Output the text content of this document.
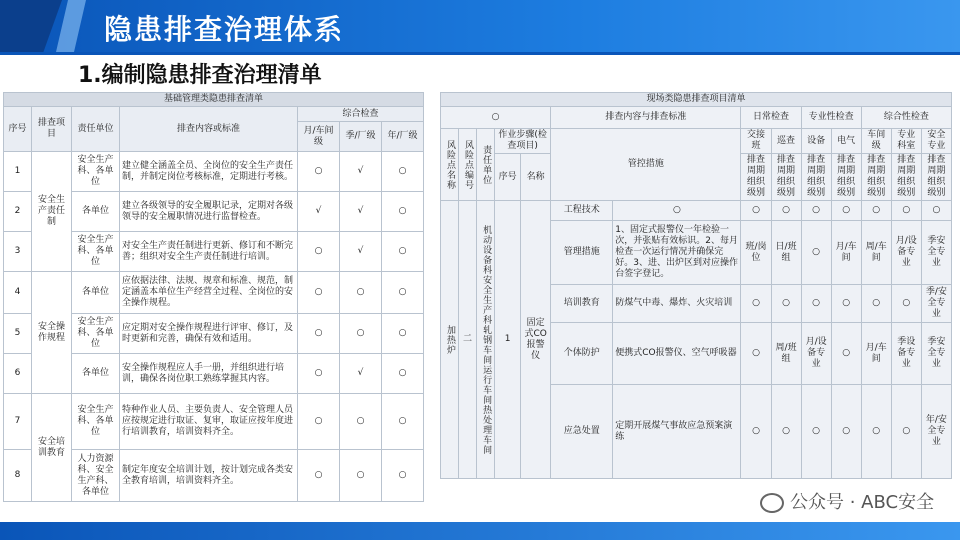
隐患排查治理体系
1.编制隐患排查治理清单
基础管理类隐患排查清单						
序号	排查项目	责任单位	排查内容或标准	综合检查		
				月/车间级	季/厂级	年/厂级
1	安全生产责任制	安全生产科、各单位	建立健全涵盖全员、全岗位的安全生产责任制，并制定岗位考核标准，定期进行考核。	○	√	○
2		各单位	建立各级领导的安全履职记录，定期对各级领导的安全履职情况进行监督检查。	√	√	○
3		安全生产科、各单位	对安全生产责任制进行更新、修订和不断完善；组织对安全生产责任制进行培训。	○	√	○
4	安全操作规程	各单位	应依据法律、法规、规章和标准、规范，制定涵盖本单位生产经营全过程、全岗位的安全操作规程。	○	○	○
5		安全生产科、各单位	应定期对安全操作规程进行评审、修订，及时更新和完善，确保有效和适用。	○	○	○
6		各单位	安全操作规程应人手一册，并组织进行培训，确保各岗位职工熟练掌握其内容。	○	√	○
7	安全培训教育	安全生产科、各单位	特种作业人员、主要负责人、安全管理人员应按规定进行取证、复审，取证应按年度进行培训教育，培训资料齐全。	○	○	○
8		人力资源科、安全生产科、各单位	制定年度安全培训计划，按计划完成各类安全教育培训，培训资料齐全。	○	○	○
现场类隐患排查项目清单													
○					排查内容与排查标准		日常检查		专业性检查		综合性检查		

风险点名称	风险点编号	责任单位	作业步骤(检查项目)		管控措施		交接班	巡查	设备	电气	车间级	专业科室	安全专业
			序号	名称			排查周期组织级别	排查周期组织级别	排查周期组织级别	排查周期组织级别	排查周期组织级别	排查周期组织级别	排查周期组织级别

加热炉	二	机动设备科安全生产科轧钢车间运行车间热处理车间	1	固定式CO报警仪	工程技术	○	○	○	○	○	○	○	○
					管理措施	1、固定式报警仪一年检验一次，并张贴有效标识。2、每月检查一次运行情况并确保完好。3、进、出炉区到对应操作台签字登记。	班/岗位	日/班组	○	月/车间	周/车间	月/设备专业	季安全专业
					培训教育	防煤气中毒、爆炸、火灾培训	○	○	○	○	○	○	季/安全专业
					个体防护	便携式CO报警仪、空气呼吸器	○	周/班组	月/设备专业	○	月/车间	季设备专业	季安全专业
					应急处置	定期开展煤气事故应急预案演练	○	○	○	○	○	○	年/安全专业
公众号 · ABC安全
